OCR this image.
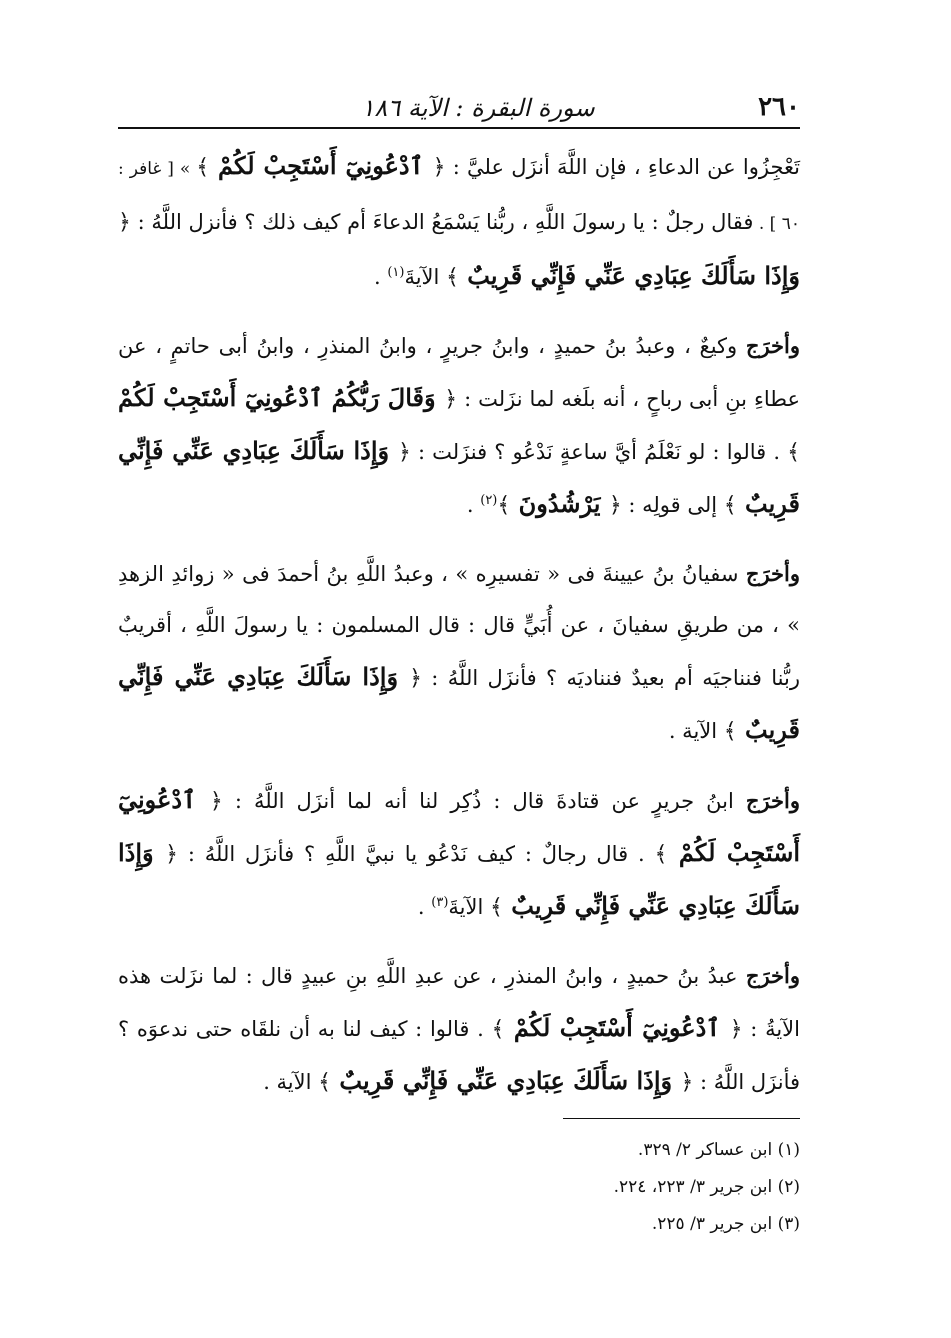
٢٦٠
سورة البقرة : الآية ١٨٦

تَعْجِزُوا عن الدعاءِ ، فإن اللَّهَ أنزَل عليَّ : ﴿ ٱدْعُونِيٓ أَسْتَجِبْ لَكُمْ ﴾ » [ غافر : ٦٠ ] . فقال رجلٌ : يا رسولَ اللَّهِ ، ربُّنا يَسْمَعُ الدعاءَ أم كيف ذلك ؟ فأنزل اللَّهُ : ﴿ وَإِذَا سَأَلَكَ عِبَادِي عَنِّي فَإِنِّي قَرِيبٌ ﴾ الآيةَ$^{(١)}$ .

وأخرَج وكيعٌ ، وعبدُ بنُ حميدٍ ، وابنُ جريرٍ ، وابنُ المنذرِ ، وابنُ أبى حاتمٍ ، عن عطاءِ بنِ أبى رباحٍ ، أنه بلَغه لما نزَلت : ﴿ وَقَالَ رَبُّكُمُ ٱدْعُونِيٓ أَسْتَجِبْ لَكُمْ ﴾ . قالوا : لو نَعْلَمُ أيَّ ساعةٍ نَدْعُو ؟ فنزَلت : ﴿ وَإِذَا سَأَلَكَ عِبَادِي عَنِّي فَإِنِّي قَرِيبٌ ﴾ إلى قولِه : ﴿ يَرْشُدُونَ ﴾$^{(٢)}$ .

وأخرَج سفيانُ بنُ عيينةَ فى « تفسيرِه » ، وعبدُ اللَّهِ بنُ أحمدَ فى « زوائدِ الزهدِ » ، من طريقِ سفيانَ ، عن أُبَيٍّ قال : قال المسلمون : يا رسولَ اللَّهِ ، أقريبٌ ربُّنا فنناجيَه أم بعيدٌ فنناديَه ؟ فأنزَل اللَّهُ : ﴿ وَإِذَا سَأَلَكَ عِبَادِي عَنِّي فَإِنِّي قَرِيبٌ ﴾ الآية .

وأخرَج ابنُ جريرٍ عن قتادةَ قال : ذُكِر لنا أنه لما أنزَل اللَّهُ : ﴿ ٱدْعُونِيٓ أَسْتَجِبْ لَكُمْ ﴾ . قال رجالٌ : كيف نَدْعُو يا نبيَّ اللَّهِ ؟ فأنزَل اللَّهُ : ﴿ وَإِذَا سَأَلَكَ عِبَادِي عَنِّي فَإِنِّي قَرِيبٌ ﴾ الآيةَ$^{(٣)}$ .

وأخرَج عبدُ بنُ حميدٍ ، وابنُ المنذرِ ، عن عبدِ اللَّهِ بنِ عبيدٍ قال : لما نزَلت هذه الآيةُ : ﴿ ٱدْعُونِيٓ أَسْتَجِبْ لَكُمْ ﴾ . قالوا : كيف لنا به أن نلقَاه حتى ندعوَه ؟ فأنزَل اللَّهُ : ﴿ وَإِذَا سَأَلَكَ عِبَادِي عَنِّي فَإِنِّي قَرِيبٌ ﴾ الآية .

(١) ابن عساكر ٢/ ٣٢٩.

(٢) ابن جرير ٣/ ٢٢٣، ٢٢٤.

(٣) ابن جرير ٣/ ٢٢٥.
